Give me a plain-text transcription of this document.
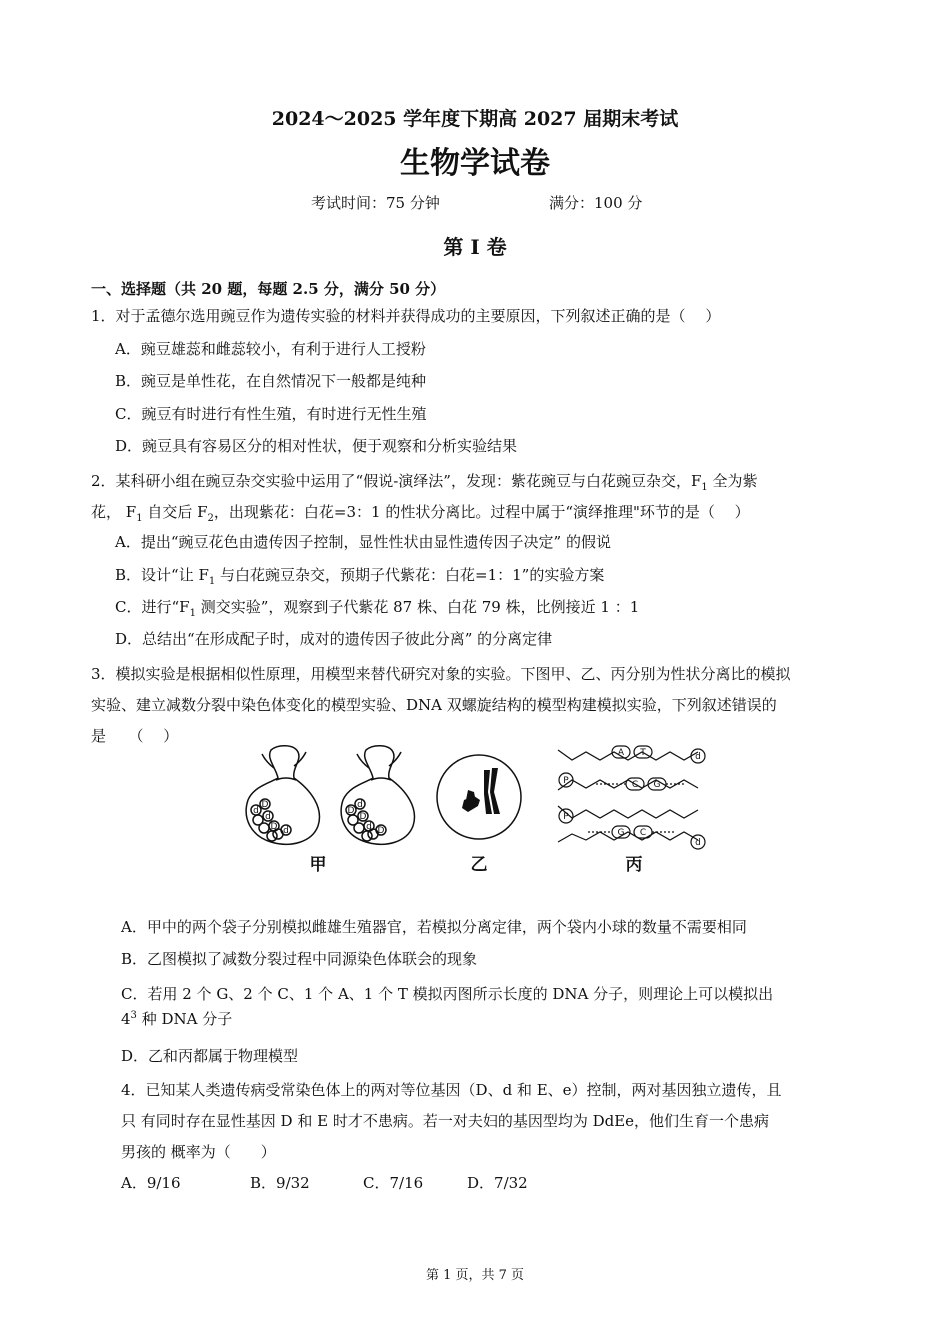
2024～2025 学年度下期高 2027 届期末考试
生物学试卷
考试时间：75 分钟	满分：100 分
第 I 卷
一、选择题（共 20 题，每题 2.5 分，满分 50 分）
1．对于孟德尔选用豌豆作为遗传实验的材料并获得成功的主要原因，下列叙述正确的是（　 ）
A．豌豆雄蕊和雌蕊较小，有利于进行人工授粉
B．豌豆是单性花，在自然情况下一般都是纯种
C．豌豆有时进行有性生殖，有时进行无性生殖
D．豌豆具有容易区分的相对性状，便于观察和分析实验结果
2．某科研小组在豌豆杂交实验中运用了“假说-演绎法”，发现：紫花豌豆与白花豌豆杂交，$F_1$ 全为紫
花， $F_1$ 自交后 $F_2$，出现紫花：白花=3：1 的性状分离比。过程中属于“演绎推理"环节的是（　 ）
A．提出“豌豆花色由遗传因子控制，显性性状由显性遗传因子决定” 的假说
B．设计“让 $F_1$ 与白花豌豆杂交，预期子代紫花：白花=1：1”的实验方案
C．进行“$F_1$ 测交实验”，观察到子代紫花 87 株、白花 79 株，比例接近 1 ：1
D．总结出“在形成配子时，成对的遗传因子彼此分离” 的分离定律
3．模拟实验是根据相似性原理，用模型来替代研究对象的实验。下图甲、乙、丙分别为性状分离比的模拟
实验、建立减数分裂中染色体变化的模型实验、DNA 双螺旋结构的模型构建模拟实验，下列叙述错误的
是　　（　 ）
d
D
d
D d
D
d
D
d D
P
P
d
d
A T
C G
G C
甲	乙	丙
A．甲中的两个袋子分别模拟雌雄生殖器官，若模拟分离定律，两个袋内小球的数量不需要相同
B．乙图模拟了减数分裂过程中同源染色体联会的现象
C．若用 2 个 G、2 个 C、1 个 A、1 个 T 模拟丙图所示长度的 DNA 分子，则理论上可以模拟出
$4^3$ 种 DNA 分子
D．乙和丙都属于物理模型
4．已知某人类遗传病受常染色体上的两对等位基因（D、d 和 E、e）控制，两对基因独立遗传，且
只 有同时存在显性基因 D 和 E 时才不患病。若一对夫妇的基因型均为 DdEe，他们生育一个患病
男孩的 概率为（　　）
A．9/16	B．9/32	C．7/16	D．7/32
第 1 页，共 7 页
